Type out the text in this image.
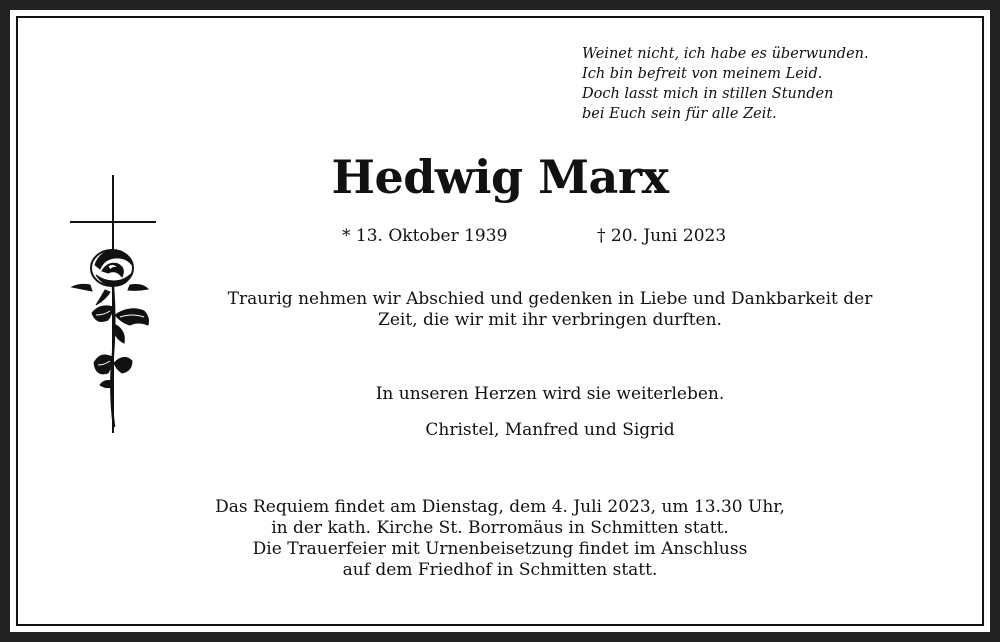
Weinet nicht, ich habe es überwunden.
Ich bin befreit von meinem Leid.
Doch lasst mich in stillen Stunden
bei Euch sein für alle Zeit.
Hedwig Marx
* 13. Oktober 1939	† 20. Juni 2023
Traurig nehmen wir Abschied und gedenken in Liebe und Dankbarkeit der
Zeit, die wir mit ihr verbringen durften.
In unseren Herzen wird sie weiterleben.
Christel, Manfred und Sigrid
Das Requiem findet am Dienstag, dem 4. Juli 2023, um 13.30 Uhr,
in der kath. Kirche St. Borromäus in Schmitten statt.
Die Trauerfeier mit Urnenbeisetzung findet im Anschluss
auf dem Friedhof in Schmitten statt.
